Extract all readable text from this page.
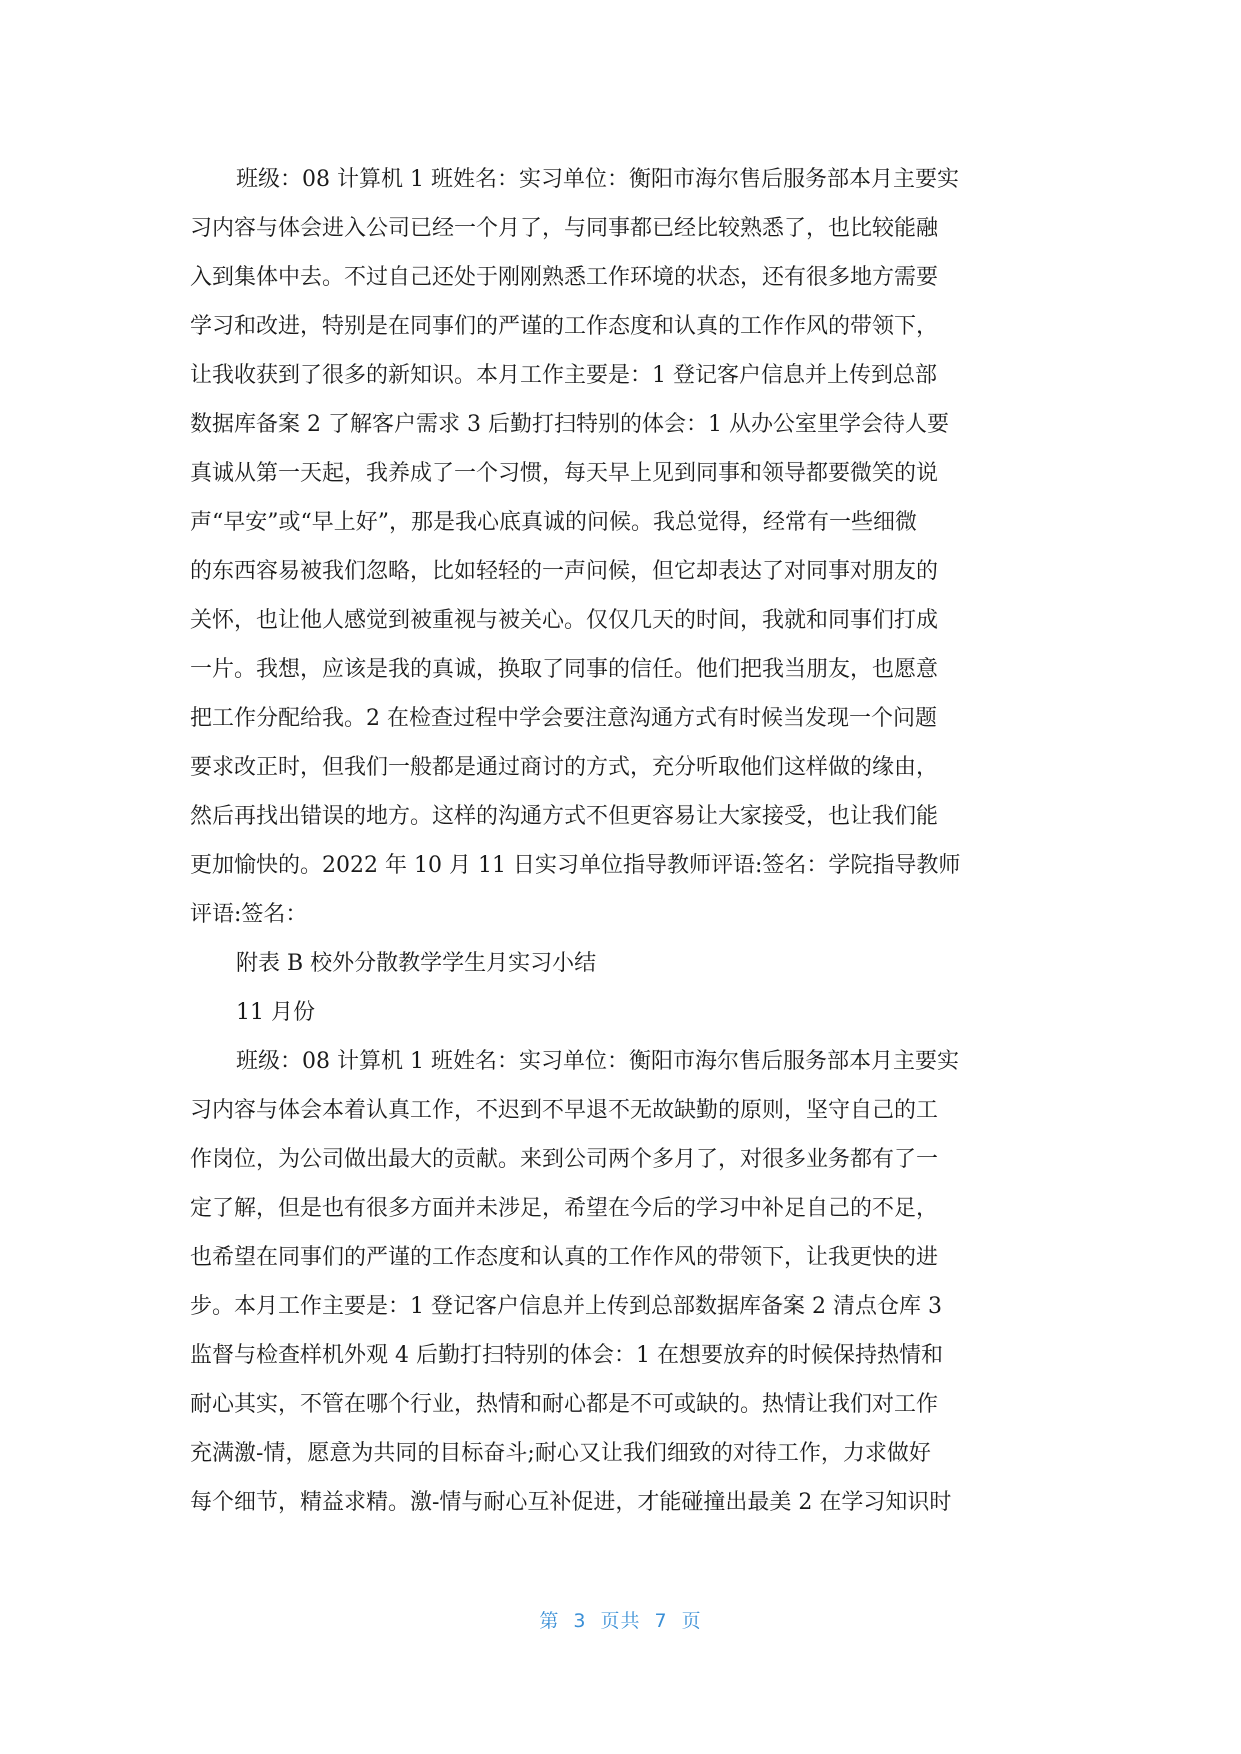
班级：08 计算机 1 班姓名：实习单位：衡阳市海尔售后服务部本月主要实
习内容与体会进入公司已经一个月了，与同事都已经比较熟悉了，也比较能融
入到集体中去。不过自己还处于刚刚熟悉工作环境的状态，还有很多地方需要
学习和改进，特别是在同事们的严谨的工作态度和认真的工作作风的带领下，
让我收获到了很多的新知识。本月工作主要是：1 登记客户信息并上传到总部
数据库备案 2 了解客户需求 3 后勤打扫特别的体会：1 从办公室里学会待人要
真诚从第一天起，我养成了一个习惯，每天早上见到同事和领导都要微笑的说
声“早安”或“早上好”，那是我心底真诚的问候。我总觉得，经常有一些细微
的东西容易被我们忽略，比如轻轻的一声问候，但它却表达了对同事对朋友的
关怀，也让他人感觉到被重视与被关心。仅仅几天的时间，我就和同事们打成
一片。我想，应该是我的真诚，换取了同事的信任。他们把我当朋友，也愿意
把工作分配给我。2 在检查过程中学会要注意沟通方式有时候当发现一个问题
要求改正时，但我们一般都是通过商讨的方式，充分听取他们这样做的缘由，
然后再找出错误的地方。这样的沟通方式不但更容易让大家接受，也让我们能
更加愉快的。2022 年 10 月 11 日实习单位指导教师评语:签名：学院指导教师
评语:签名：
附表 B 校外分散教学学生月实习小结
11 月份
班级：08 计算机 1 班姓名：实习单位：衡阳市海尔售后服务部本月主要实
习内容与体会本着认真工作，不迟到不早退不无故缺勤的原则，坚守自己的工
作岗位，为公司做出最大的贡献。来到公司两个多月了，对很多业务都有了一
定了解，但是也有很多方面并未涉足，希望在今后的学习中补足自己的不足，
也希望在同事们的严谨的工作态度和认真的工作作风的带领下，让我更快的进
步。本月工作主要是：1 登记客户信息并上传到总部数据库备案 2 清点仓库 3
监督与检查样机外观 4 后勤打扫特别的体会：1 在想要放弃的时候保持热情和
耐心其实，不管在哪个行业，热情和耐心都是不可或缺的。热情让我们对工作
充满激-情，愿意为共同的目标奋斗;耐心又让我们细致的对待工作，力求做好
每个细节，精益求精。激-情与耐心互补促进，才能碰撞出最美 2 在学习知识时
第 3 页共 7 页
